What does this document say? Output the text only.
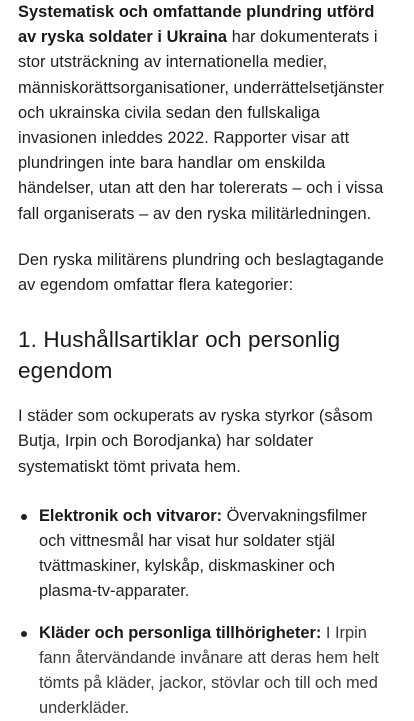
Systematisk och omfattande plundring utförd av ryska soldater i Ukraina har dokumenterats i stor utsträckning av internationella medier, människorättsorganisationer, underrättelsetjänster och ukrainska civila sedan den fullskaliga invasionen inleddes 2022. Rapporter visar att plundringen inte bara handlar om enskilda händelser, utan att den har tolererats – och i vissa fall organiserats – av den ryska militärledningen.

Den ryska militärens plundring och beslagtagande av egendom omfattar flera kategorier:

1. Hushållsartiklar och personlig egendom

I städer som ockuperats av ryska styrkor (såsom Butja, Irpin och Borodjanka) har soldater systematiskt tömt privata hem.

Elektronik och vitvaror: Övervakningsfilmer och vittnesmål har visat hur soldater stjäl tvättmaskiner, kylskåp, diskmaskiner och plasma-tv-apparater.
Kläder och personliga tillhörigheter: I Irpin fann återvändande invånare att deras hem helt tömts på kläder, jackor, stövlar och till och med underkläder.
